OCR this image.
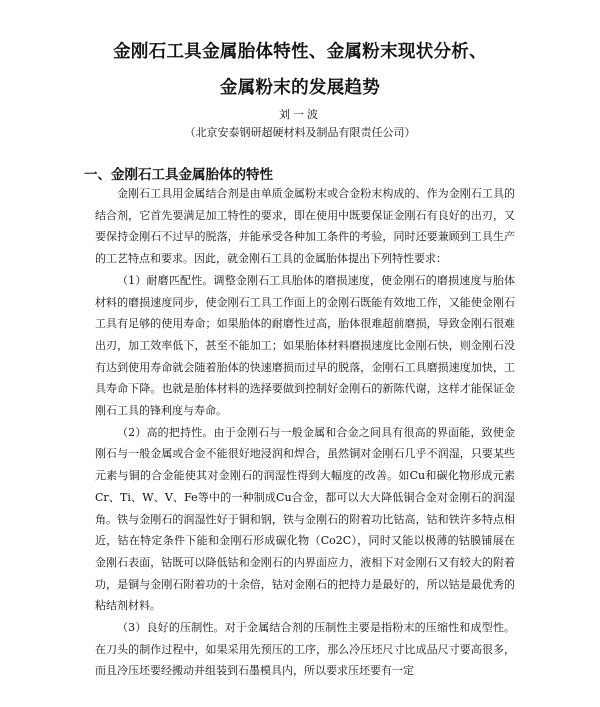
金刚石工具金属胎体特性、金属粉末现状分析、
金属粉末的发展趋势
刘一波
（北京安泰钢研超硬材料及制品有限责任公司）
一、金刚石工具金属胎体的特性

金刚石工具用金属结合剂是由单质金属粉末或合金粉末构成的、作为金刚石工具的结合剂，它首先要满足加工特性的要求，即在使用中既要保证金刚石有良好的出刃，又要保持金刚石不过早的脱落，并能承受各种加工条件的考验，同时还要兼顾到工具生产的工艺特点和要求。因此，就金刚石工具的金属胎体提出下列特性要求：

（1）耐磨匹配性。调整金刚石工具胎体的磨损速度，使金刚石的磨损速度与胎体材料的磨损速度同步，使金刚石工具工作面上的金刚石既能有效地工作，又能使金刚石工具有足够的使用寿命；如果胎体的耐磨性过高，胎体很难超前磨损，导致金刚石很难出刃，加工效率低下，甚至不能加工；如果胎体材料磨损速度比金刚石快，则金刚石没有达到使用寿命就会随着胎体的快速磨损而过早的脱落，金刚石工具磨损速度加快，工具寿命下降。也就是胎体材料的选择要做到控制好金刚石的新陈代谢，这样才能保证金刚石工具的锋利度与寿命。

（2）高的把持性。由于金刚石与一般金属和合金之间具有很高的界面能，致使金刚石与一般金属或合金不能很好地浸润和焊合，虽然铜对金刚石几乎不润湿，只要某些元素与铜的合金能使其对金刚石的润湿性得到大幅度的改善。如Cu和碳化物形成元素Cr、Ti、W、V、Fe等中的一种制成Cu合金，都可以大大降低铜合金对金刚石的润湿角。铁与金刚石的润湿性好于铜和钢，铁与金刚石的附着功比钴高，钴和铁许多特点相近，钴在特定条件下能和金刚石形成碳化物（Co2C），同时又能以极薄的钴膜铺展在金刚石表面，钴既可以降低钴和金刚石的内界面应力，液相下对金刚石又有较大的附着功，是铜与金刚石附着功的十余倍，钴对金刚石的把持力是最好的，所以钴是最优秀的粘结剂材料。

（3）良好的压制性。对于金属结合剂的压制性主要是指粉末的压缩性和成型性。在刀头的制作过程中，如果采用先预压的工序，那么冷压坯尺寸比成品尺寸要高很多，而且冷压坯要经搬动并组装到石墨模具内，所以要求压坯要有一定
